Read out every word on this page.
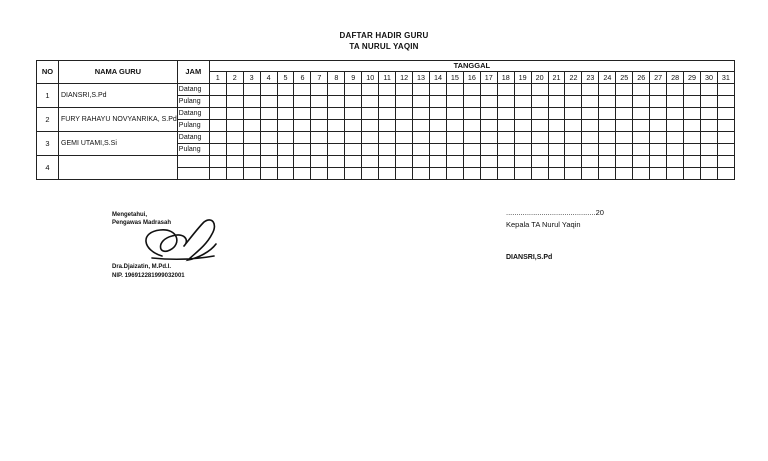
DAFTAR HADIR GURU
TA NURUL YAQIN
NO	NAMA GURU	JAM	TANGGAL																														
			1	2	3	4	5	6	7	8	9	10	11	12	13	14	15	16	17	18	19	20	21	22	23	24	25	26	27	28	29	30	31
1	DIANSRI,S.Pd	Datang																															
		Pulang																															
2	FURY RAHAYU NOVYANRIKA, S.Pd	Datang																															
		Pulang																															
3	GEMI UTAMI,S.Si	Datang																															
		Pulang																															
4																																	

Mengetahui,
Pengawas Madrasah
Dra.Djaizatin, M.Pd.I.
NIP. 196912281999032001
...........................................20
Kepala TA Nurul Yaqin
DIANSRI,S.Pd
